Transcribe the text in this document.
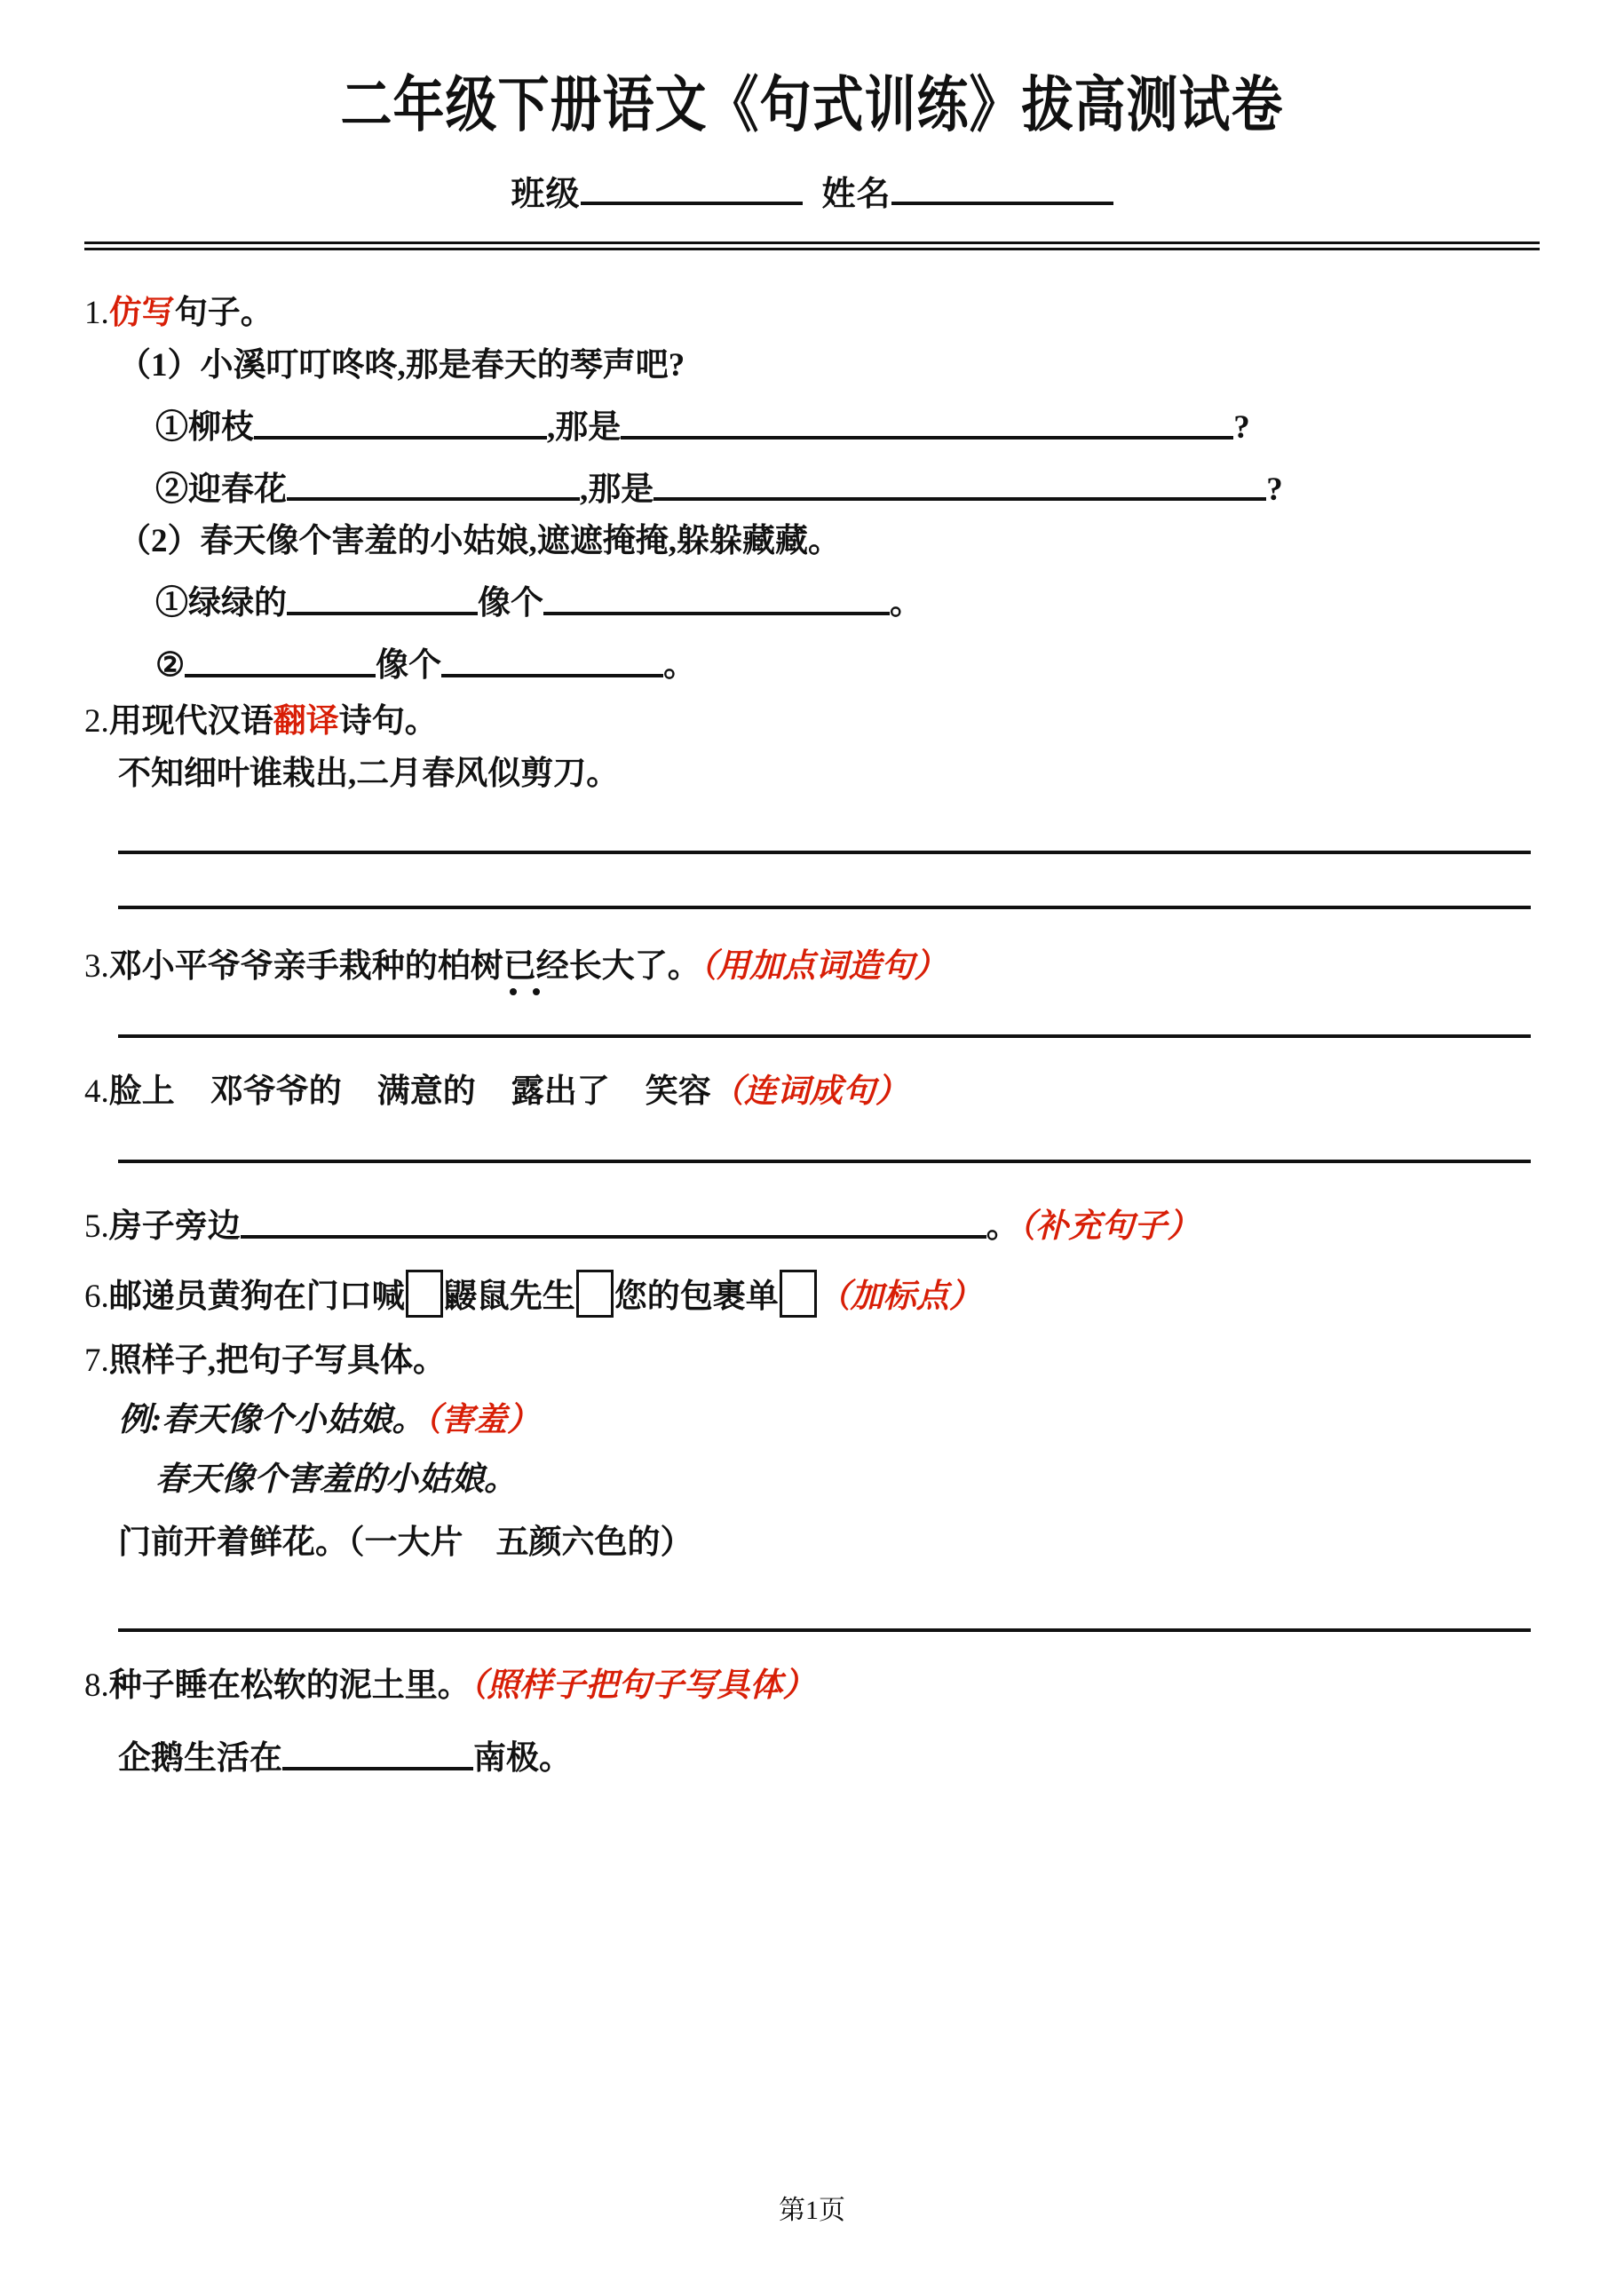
二年级下册语文《句式训练》拔高测试卷
班级	姓名
1.仿写句子。
（1）小溪叮叮咚咚,那是春天的琴声吧?
①柳枝	,那是	?
②迎春花	,那是	?
（2）春天像个害羞的小姑娘,遮遮掩掩,躲躲藏藏。
①绿绿的	像个	。
②	像个	。
2.用现代汉语翻译诗句。
不知细叶谁栽出,二月春风似剪刀。
3.邓小平爷爷亲手栽种的柏树已经长大了。（用加点词造句）
4.脸上 邓爷爷的 满意的 露出了 笑容（连词成句）
5.房子旁边	。（补充句子）
6.邮递员黄狗在门口喊 鼹鼠先生 您的包裹单 （加标点）
7.照样子,把句子写具体。
例:春天像个小姑娘。（害羞）
春天像个害羞的小姑娘。
门前开着鲜花。（一大片　五颜六色的）
8.种子睡在松软的泥土里。（照样子把句子写具体）
企鹅生活在	南极。
第1页
